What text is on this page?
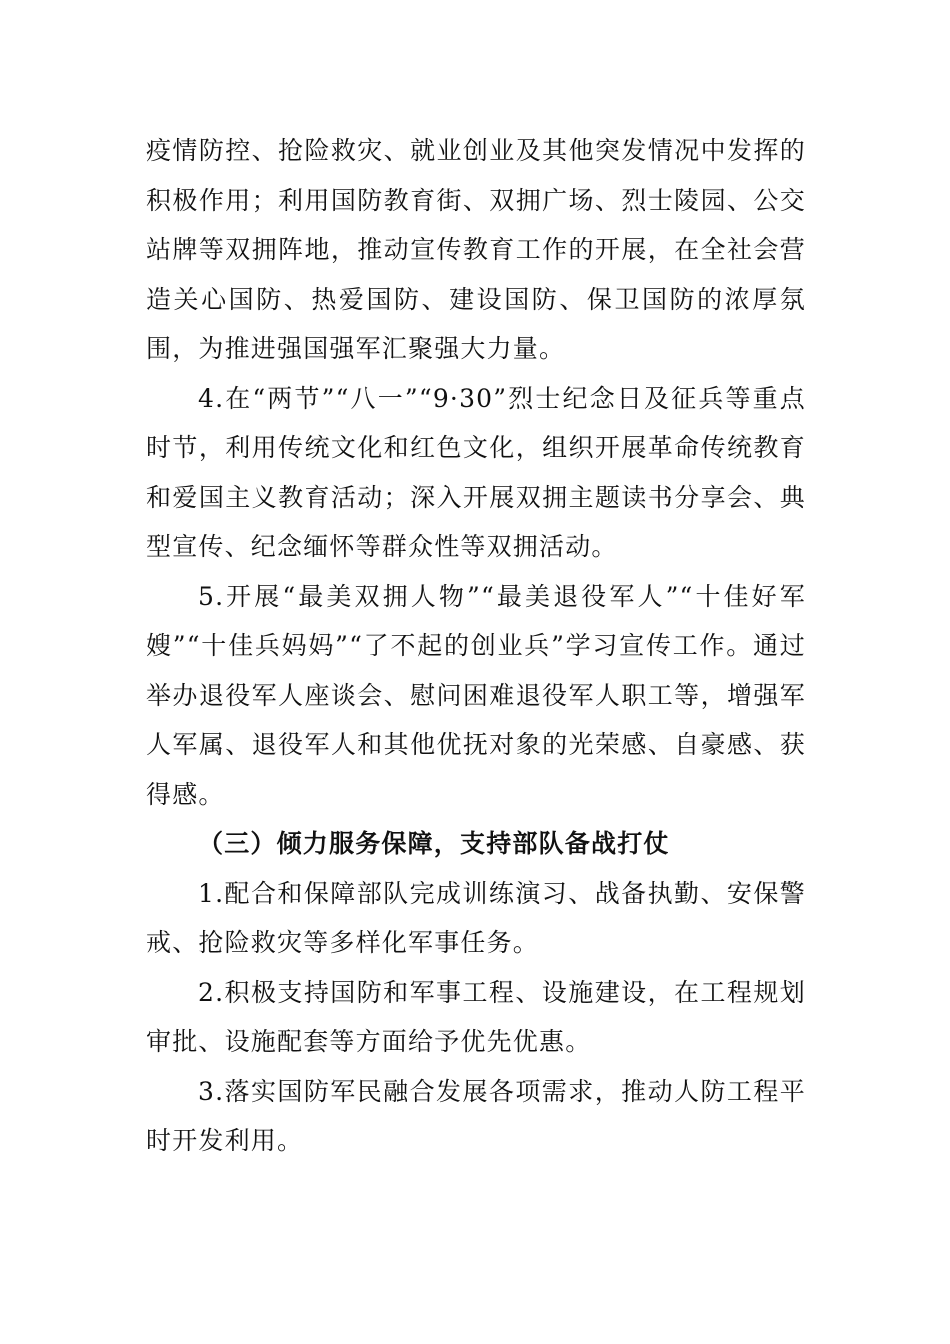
疫情防控、抢险救灾、就业创业及其他突发情况中发挥的积极作用；利用国防教育街、双拥广场、烈士陵园、公交站牌等双拥阵地，推动宣传教育工作的开展，在全社会营造关心国防、热爱国防、建设国防、保卫国防的浓厚氛围，为推进强国强军汇聚强大力量。

4.在“两节”“八一”“9·30”烈士纪念日及征兵等重点时节，利用传统文化和红色文化，组织开展革命传统教育和爱国主义教育活动；深入开展双拥主题读书分享会、典型宣传、纪念缅怀等群众性等双拥活动。

5.开展“最美双拥人物”“最美退役军人”“十佳好军嫂”“十佳兵妈妈”“了不起的创业兵”学习宣传工作。通过举办退役军人座谈会、慰问困难退役军人职工等，增强军人军属、退役军人和其他优抚对象的光荣感、自豪感、获得感。

（三）倾力服务保障，支持部队备战打仗

1.配合和保障部队完成训练演习、战备执勤、安保警戒、抢险救灾等多样化军事任务。

2.积极支持国防和军事工程、设施建设，在工程规划审批、设施配套等方面给予优先优惠。

3.落实国防军民融合发展各项需求，推动人防工程平时开发利用。
